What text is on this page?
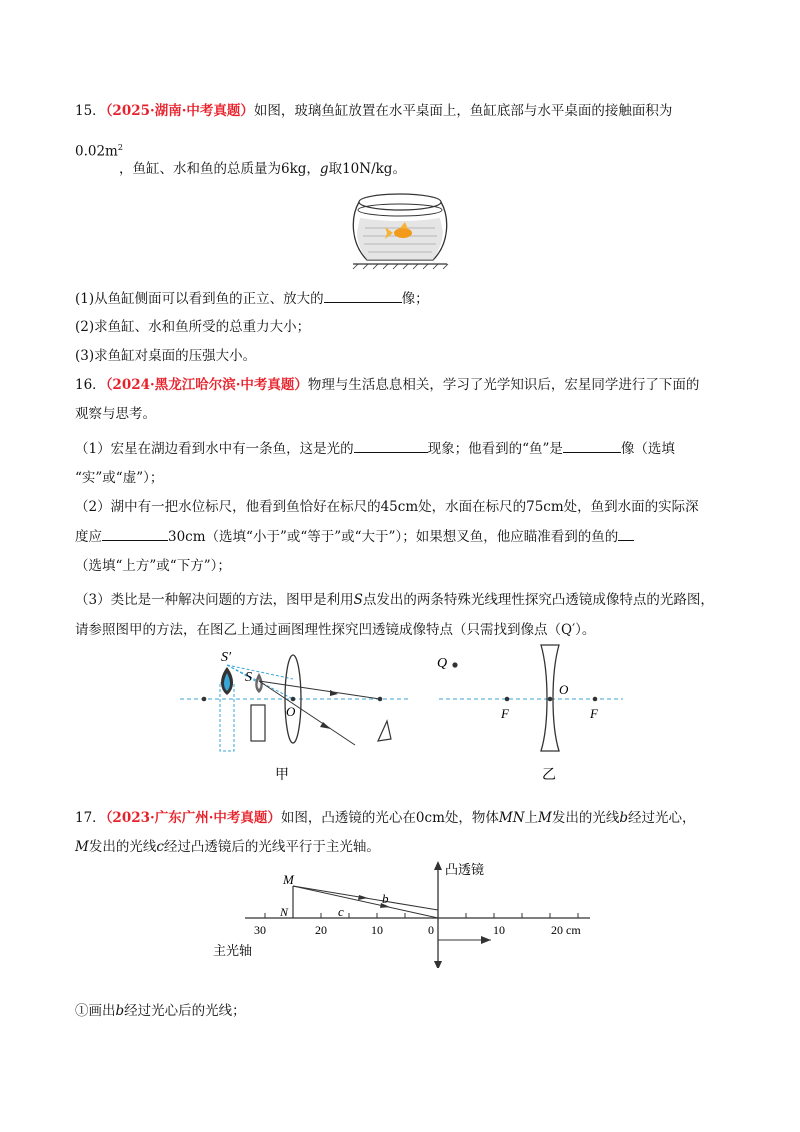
15．（2025·湖南·中考真题）如图，玻璃鱼缸放置在水平桌面上，鱼缸底部与水平桌面的接触面积为
$0.02m^2$
，鱼缸、水和鱼的总质量为6kg，g取10N/kg。
(1)从鱼缸侧面可以看到鱼的正立、放大的	像；
(2)求鱼缸、水和鱼所受的总重力大小；
(3)求鱼缸对桌面的压强大小。
16．（2024·黑龙江哈尔滨·中考真题）物理与生活息息相关，学习了光学知识后，宏星同学进行了下面的
观察与思考。
（1）宏星在湖边看到水中有一条鱼，这是光的	现象；他看到的“鱼”是	像（选填
“实”或“虚”）；
（2）湖中有一把水位标尺，他看到鱼恰好在标尺的45cm处，水面在标尺的75cm处，鱼到水面的实际深
度应	30cm（选填“小于”或“等于”或“大于”）；如果想叉鱼，他应瞄准看到的鱼的
（选填“上方”或“下方”）；
（3）类比是一种解决问题的方法，图甲是利用S点发出的两条特殊光线理性探究凸透镜成像特点的光路图，
请参照图甲的方法，在图乙上通过画图理性探究凹透镜成像特点（只需找到像点（Q′）。
S′
S
O
甲
Q
O
F	F
乙
17．（2023·广东广州·中考真题）如图，凸透镜的光心在0cm处，物体MN上M发出的光线b经过光心，
M发出的光线c经过凸透镜后的光线平行于主光轴。
M
N
b
c
凸透镜
主光轴
30	20	10	0	10	20 cm
①画出b经过光心后的光线；
